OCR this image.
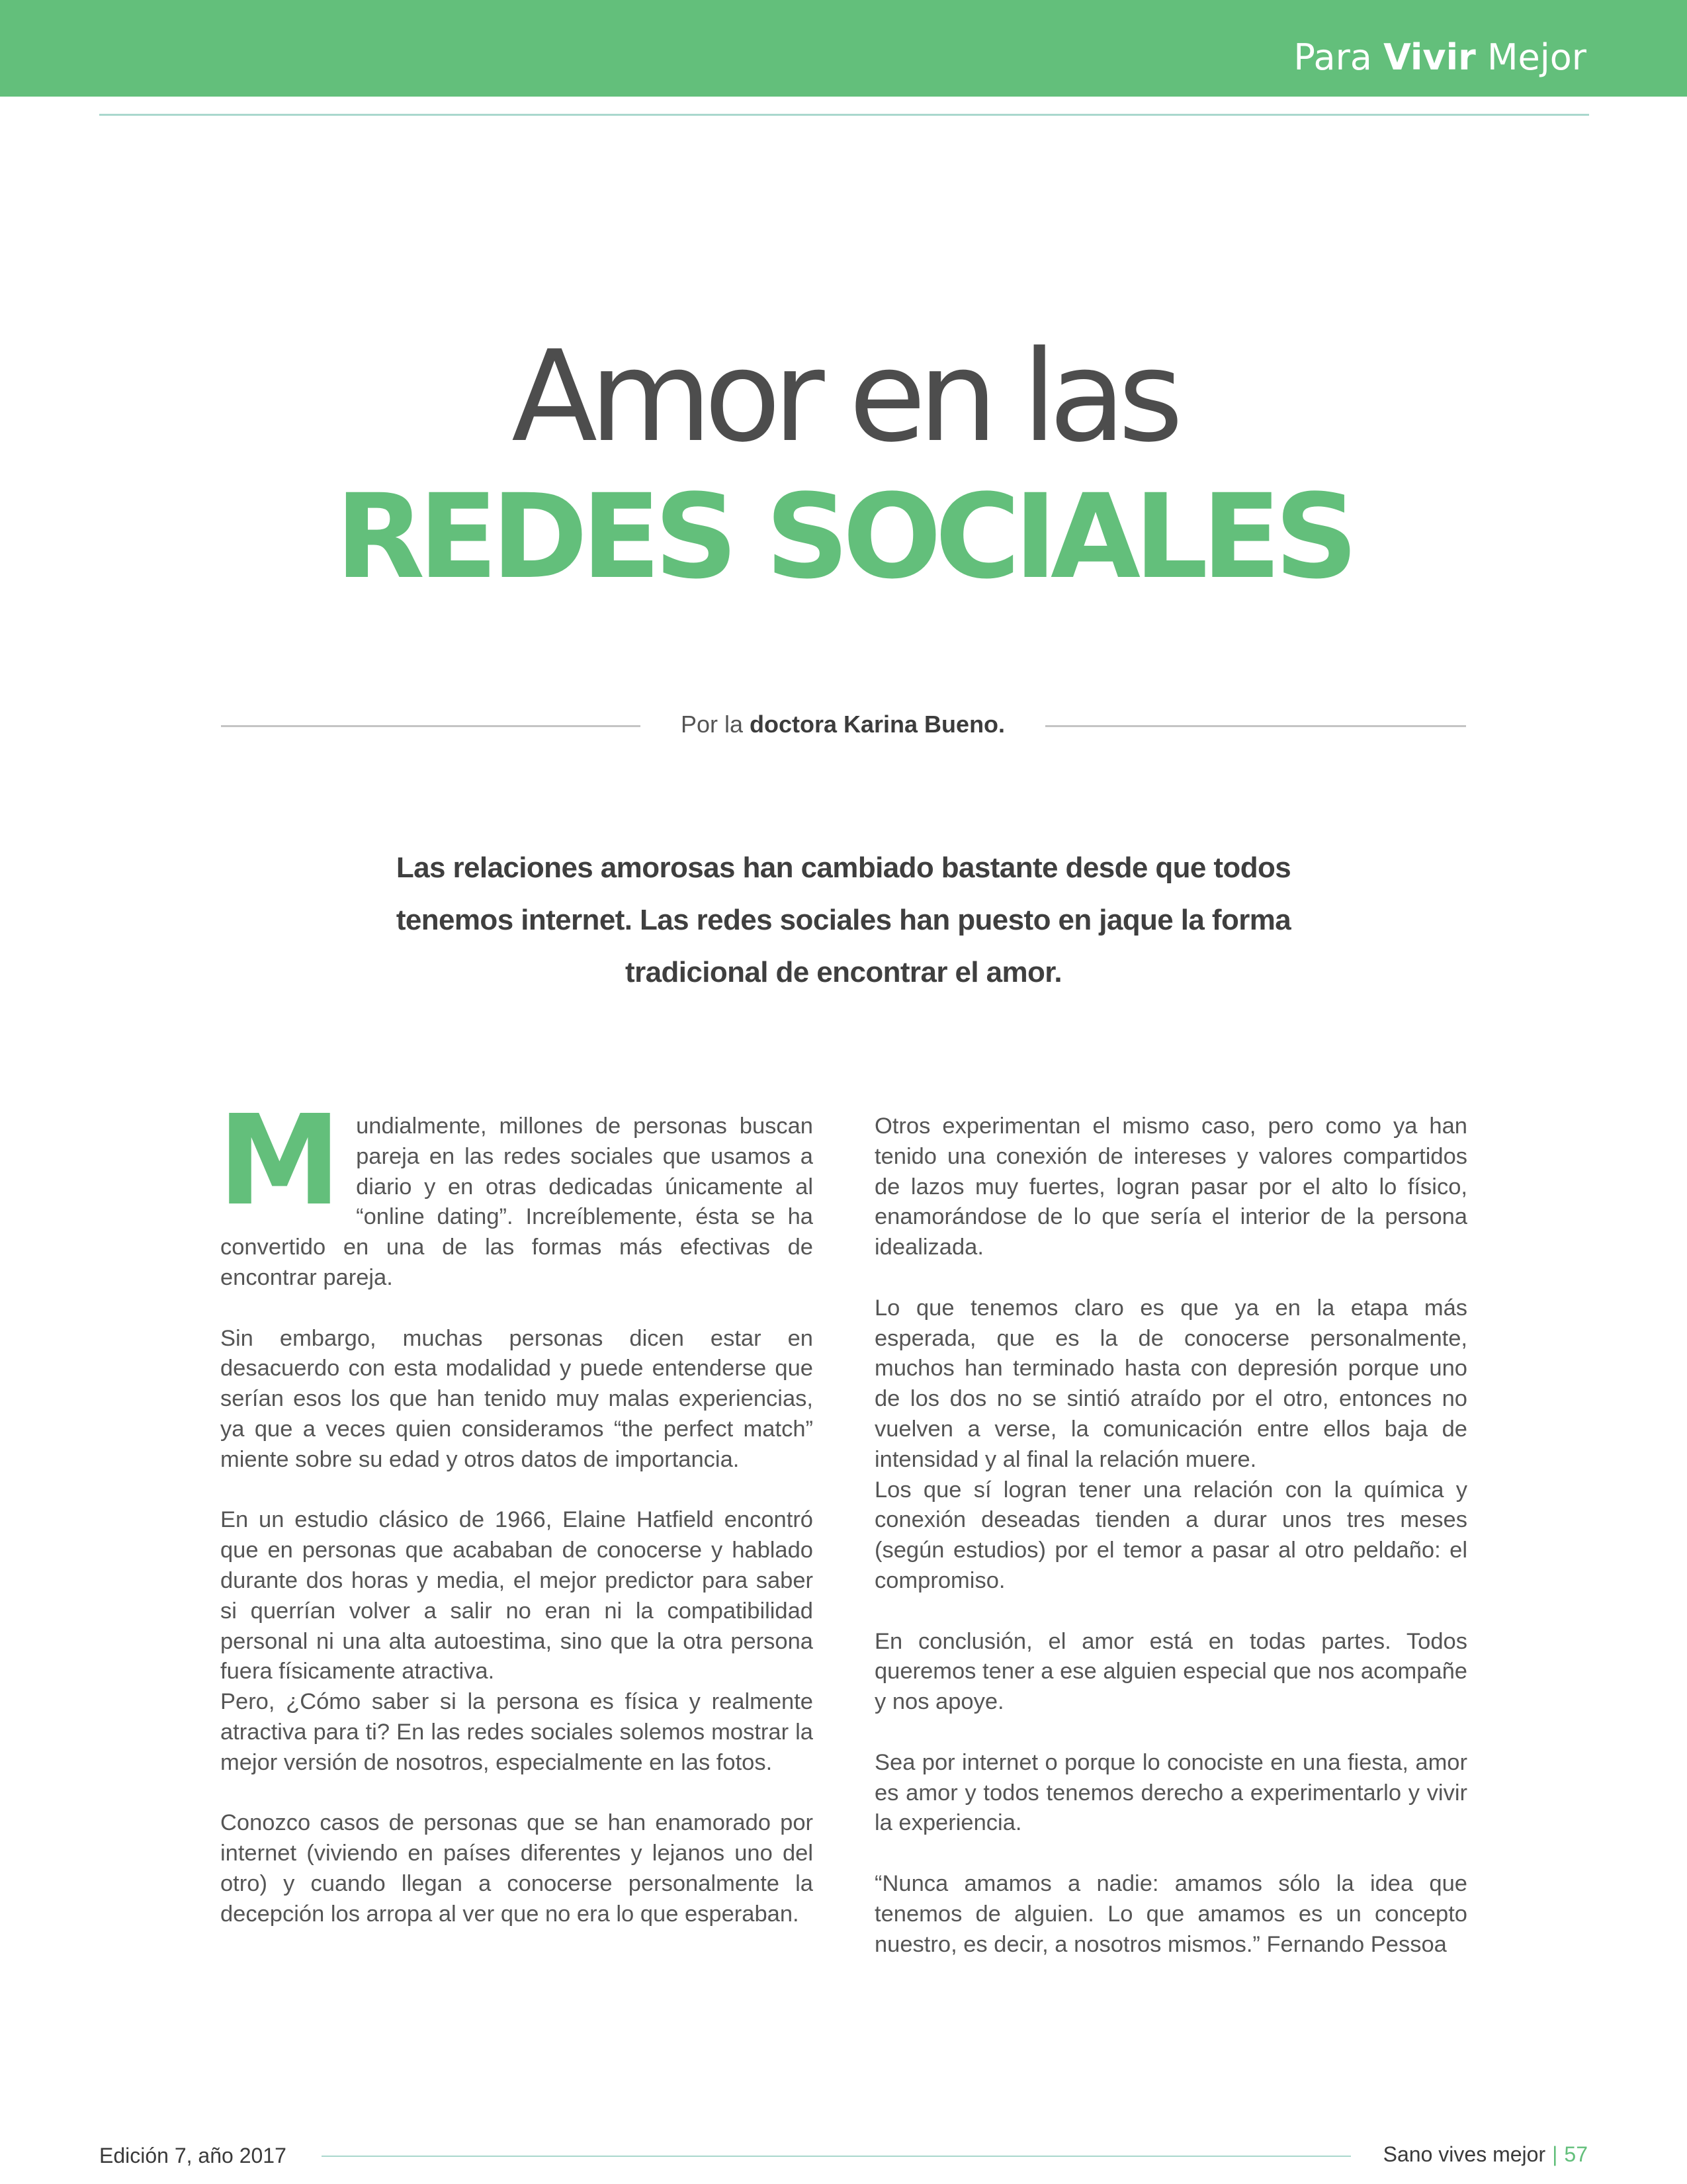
Para Vivir Mejor
Amor en las
REDES SOCIALES
Por la doctora Karina Bueno.
Las relaciones amorosas han cambiado bastante desde que todos tenemos internet. Las redes sociales han puesto en jaque la forma tradicional de encontrar el amor.

Mundialmente, millones de personas buscan pareja en las redes sociales que usamos a diario y en otras dedicadas únicamente al “online dating”. Increíblemente, ésta se ha convertido en una de las formas más efectivas de encontrar pareja.

Sin embargo, muchas personas dicen estar en desacuerdo con esta modalidad y puede entenderse que serían esos los que han tenido muy malas experiencias, ya que a veces quien consideramos “the perfect match” miente sobre su edad y otros datos de importancia.

En un estudio clásico de 1966, Elaine Hatfield encontró que en personas que acababan de conocerse y hablado durante dos horas y media, el mejor predictor para saber si querrían volver a salir no eran ni la compatibilidad personal ni una alta autoestima, sino que la otra persona fuera físicamente atractiva.

Pero, ¿Cómo saber si la persona es física y realmente atractiva para ti? En las redes sociales solemos mostrar la mejor versión de nosotros, especialmente en las fotos.

Conozco casos de personas que se han enamorado por internet (viviendo en países diferentes y lejanos uno del otro) y cuando llegan a conocerse personalmente la decepción los arropa al ver que no era lo que esperaban.

Otros experimentan el mismo caso, pero como ya han tenido una conexión de intereses y valores compartidos de lazos muy fuertes, logran pasar por el alto lo físico, enamorándose de lo que sería el interior de la persona idealizada.

Lo que tenemos claro es que ya en la etapa más esperada, que es la de conocerse personalmente, muchos han terminado hasta con depresión porque uno de los dos no se sintió atraído por el otro, entonces no vuelven a verse, la comunicación entre ellos baja de intensidad y al final la relación muere.

Los que sí logran tener una relación con la química y conexión deseadas tienden a durar unos tres meses (según estudios) por el temor a pasar al otro peldaño: el compromiso.

En conclusión, el amor está en todas partes. Todos queremos tener a ese alguien especial que nos acompañe y nos apoye.

Sea por internet o porque lo conociste en una fiesta, amor es amor y todos tenemos derecho a experimentarlo y vivir la experiencia.

“Nunca amamos a nadie: amamos sólo la idea que tenemos de alguien. Lo que amamos es un concepto nuestro, es decir, a nosotros mismos.” Fernando Pessoa

Edición 7, año 2017	Sano vives mejor | 57
